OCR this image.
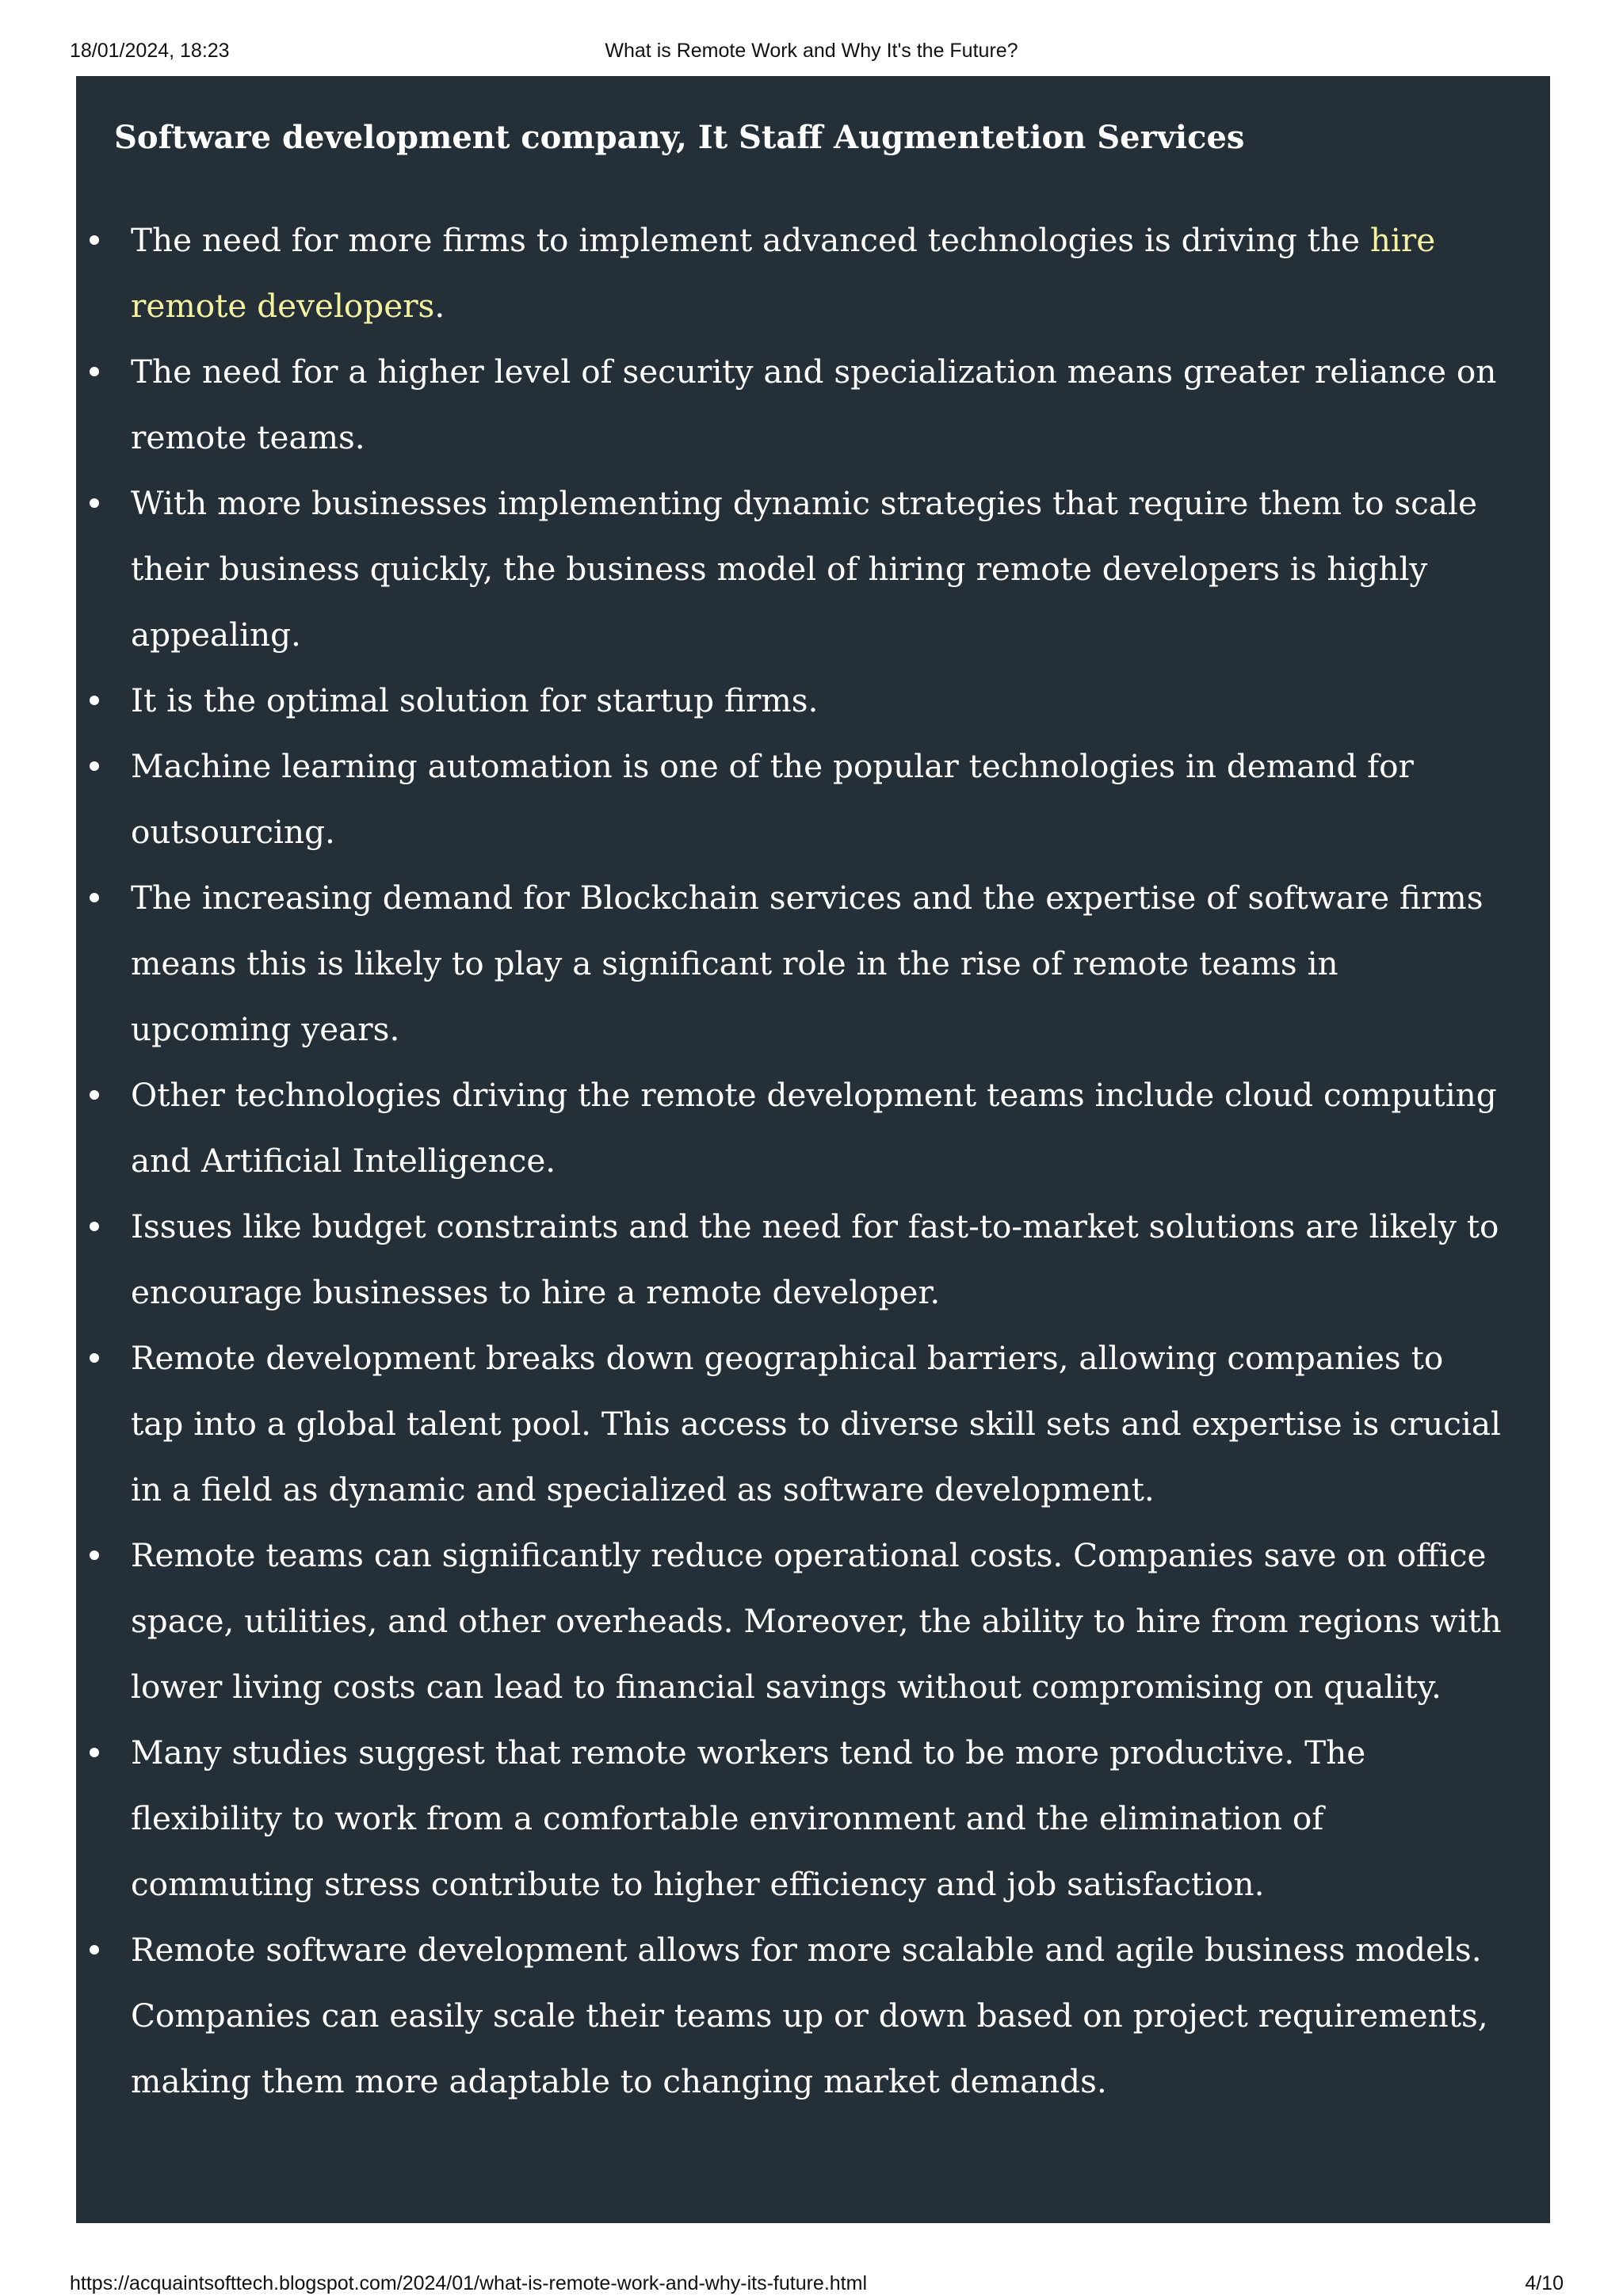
18/01/2024, 18:23	What is Remote Work and Why It's the Future?
Software development company, It Staff Augmentetion Services
The need for more firms to implement advanced technologies is driving the hire remote developers.
The need for a higher level of security and specialization means greater reliance on remote teams.
With more businesses implementing dynamic strategies that require them to scale their business quickly, the business model of hiring remote developers is highly appealing.
It is the optimal solution for startup firms.
Machine learning automation is one of the popular technologies in demand for outsourcing.
The increasing demand for Blockchain services and the expertise of software firms means this is likely to play a significant role in the rise of remote teams in upcoming years.
Other technologies driving the remote development teams include cloud computing and Artificial Intelligence.
Issues like budget constraints and the need for fast-to-market solutions are likely to encourage businesses to hire a remote developer.
Remote development breaks down geographical barriers, allowing companies to tap into a global talent pool. This access to diverse skill sets and expertise is crucial in a field as dynamic and specialized as software development.
Remote teams can significantly reduce operational costs. Companies save on office space, utilities, and other overheads. Moreover, the ability to hire from regions with lower living costs can lead to financial savings without compromising on quality.
Many studies suggest that remote workers tend to be more productive. The flexibility to work from a comfortable environment and the elimination of commuting stress contribute to higher efficiency and job satisfaction.
Remote software development allows for more scalable and agile business models. Companies can easily scale their teams up or down based on project requirements, making them more adaptable to changing market demands.
https://acquaintsofttech.blogspot.com/2024/01/what-is-remote-work-and-why-its-future.html	4/10
